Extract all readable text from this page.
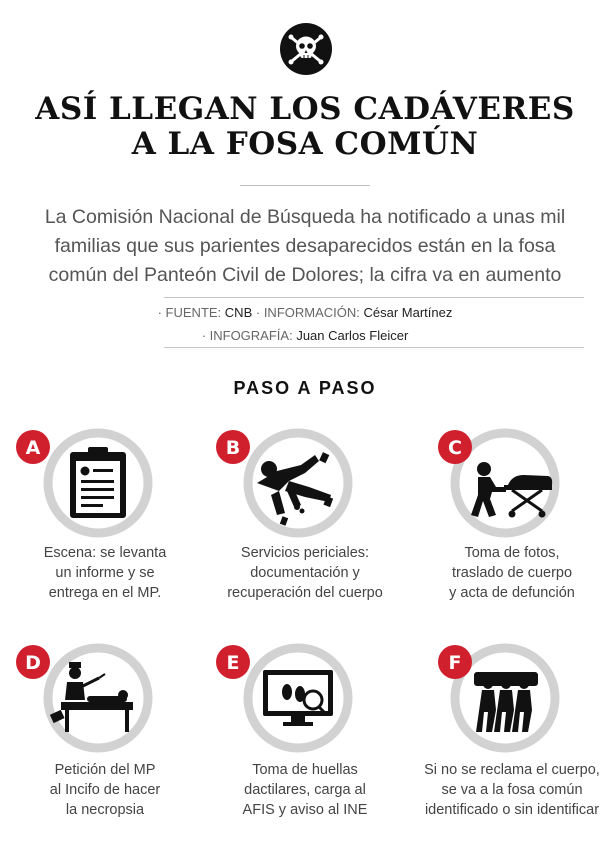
ASÍ LLEGAN LOS CADÁVERES
A LA FOSA COMÚN
La Comisión Nacional de Búsqueda ha notificado a unas mil
familias que sus parientes desaparecidos están en la fosa
común del Panteón Civil de Dolores; la cifra va en aumento
· FUENTE: CNB · INFORMACIÓN: César Martínez
· INFOGRAFÍA: Juan Carlos Fleicer
PASO A PASO
A
Escena: se levanta
un informe y se
entrega en el MP.
B
Servicios periciales:
documentación y
recuperación del cuerpo
C
Toma de fotos,
traslado de cuerpo
y acta de defunción
D
Petición del MP
al Incifo de hacer
la necropsia
E
Toma de huellas
dactilares, carga al
AFIS y aviso al INE
F
Si no se reclama el cuerpo,
se va a la fosa común
identificado o sin identificar
